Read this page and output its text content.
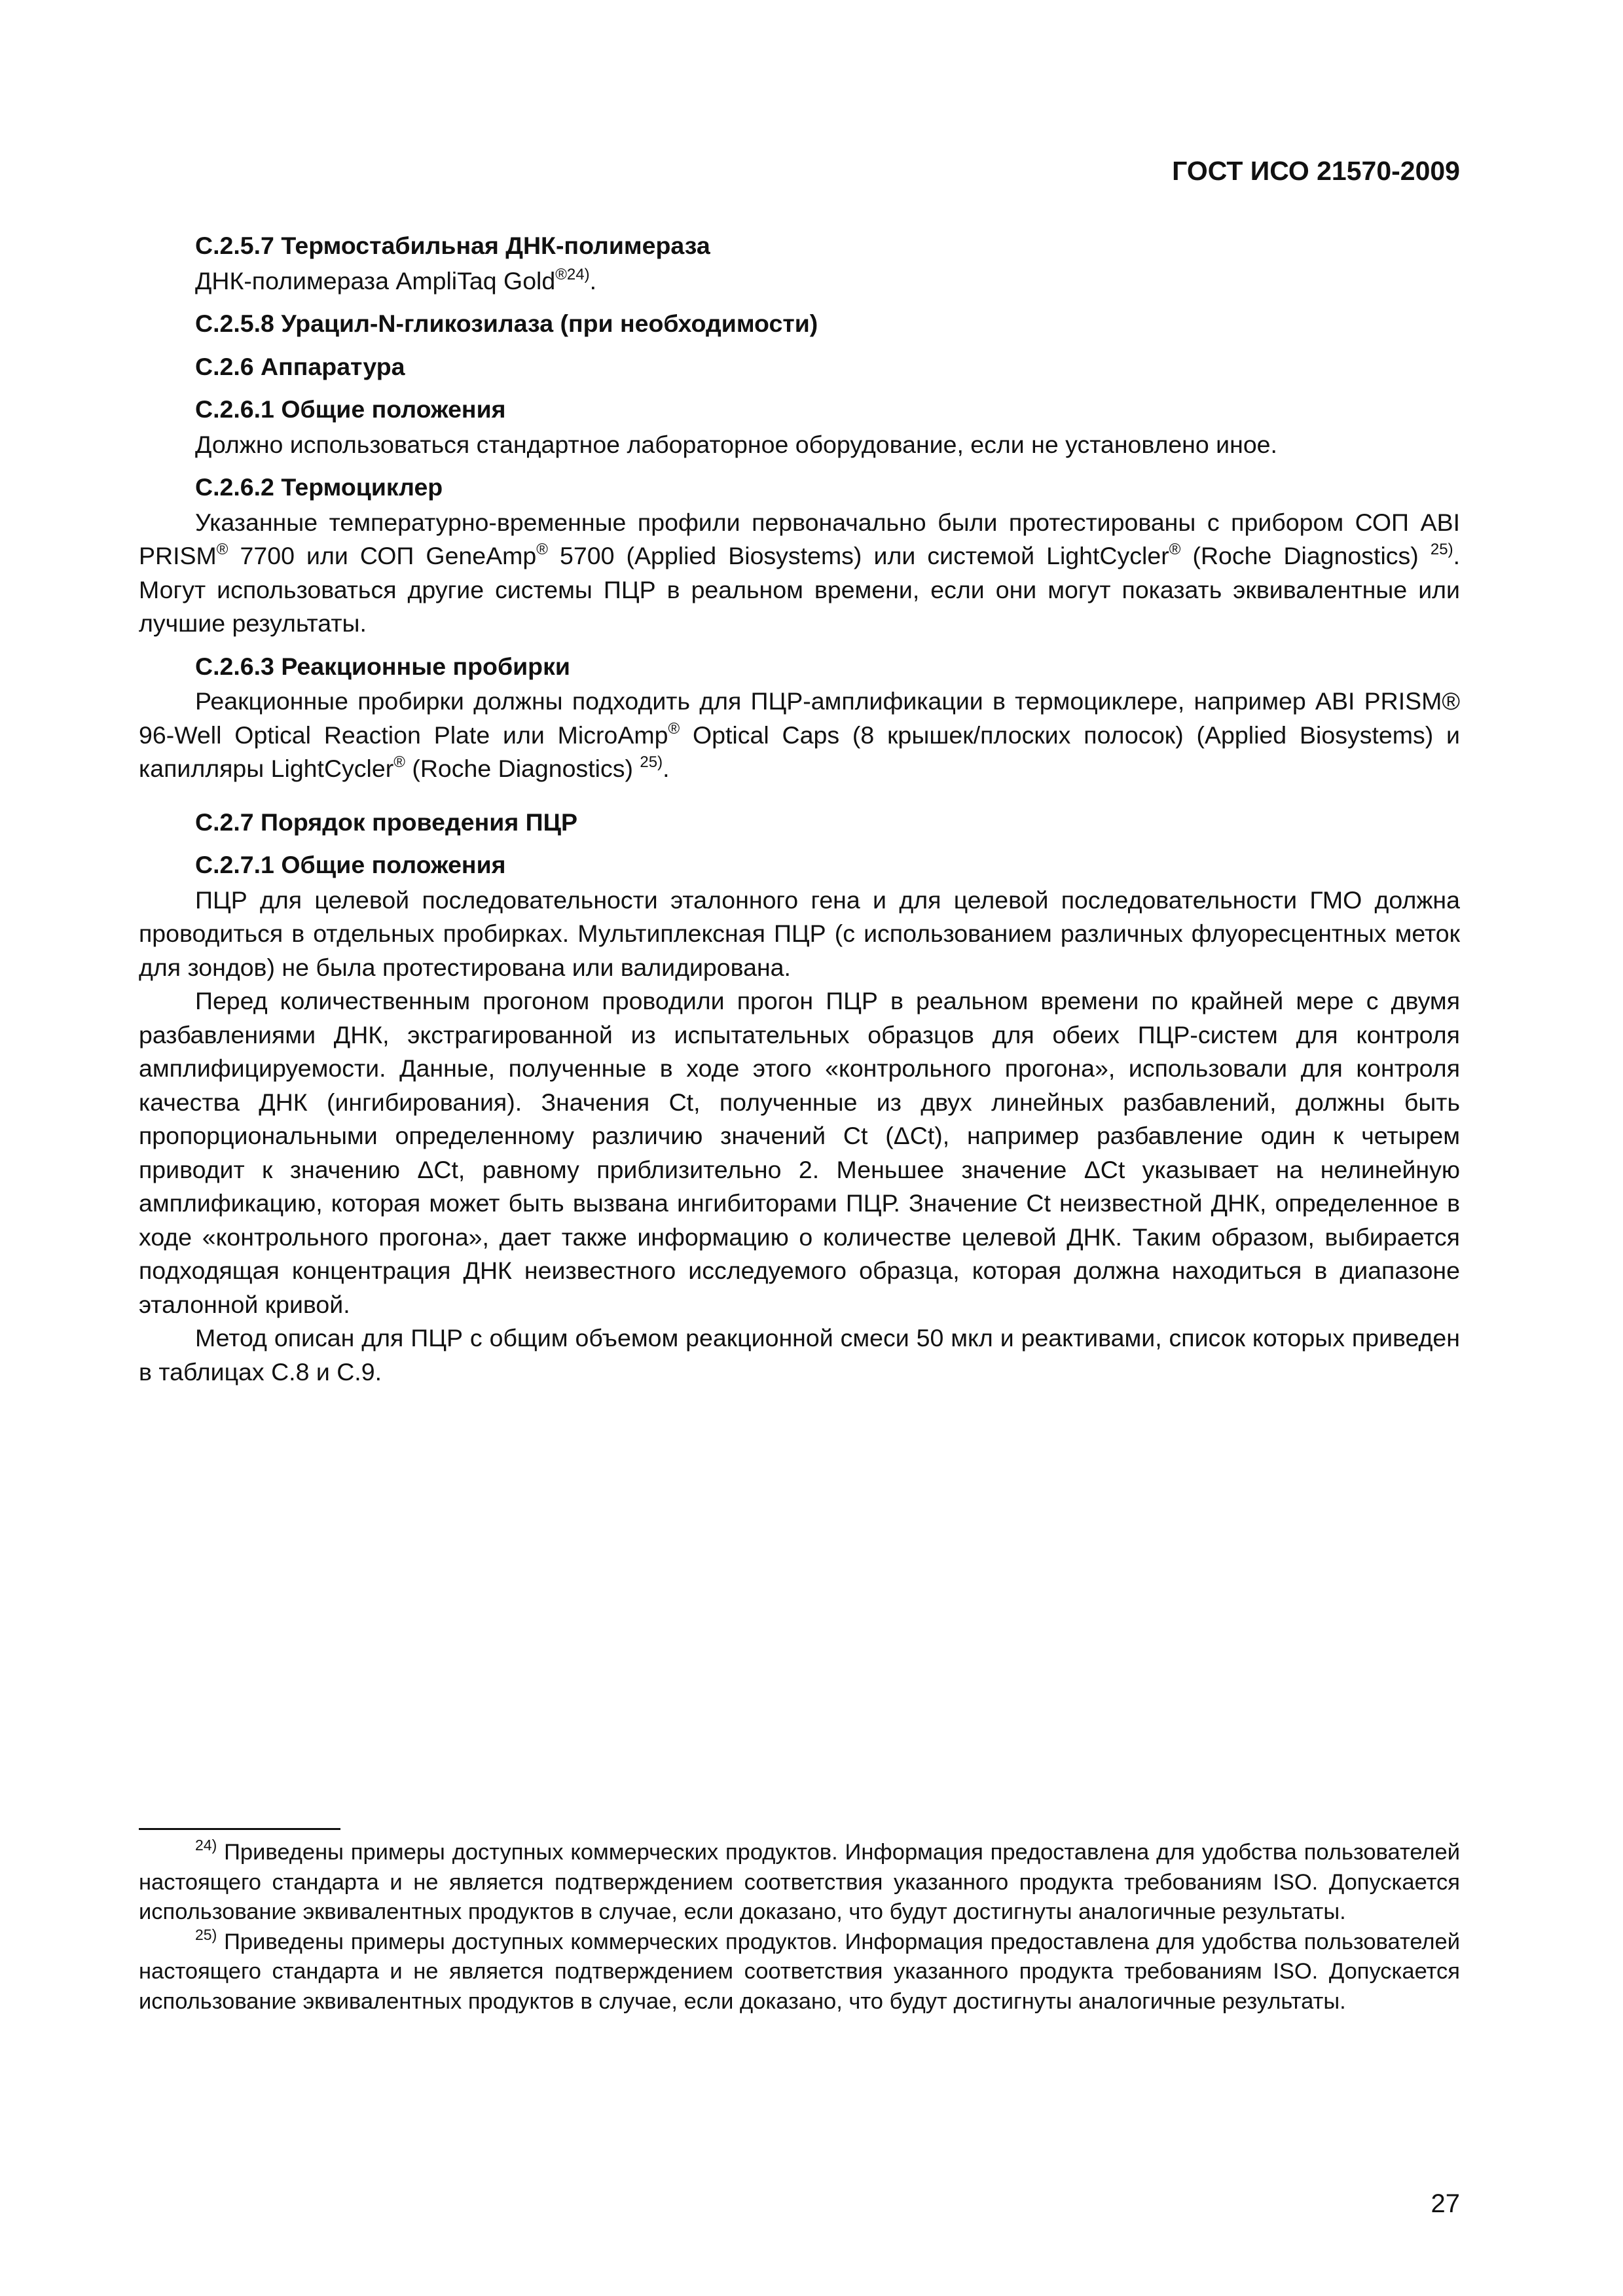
ГОСТ ИСО 21570-2009

С.2.5.7 Термостабильная ДНК-полимераза

ДНК-полимераза AmpliTaq Gold$^{®24)}$.

С.2.5.8 Урацил-N-гликозилаза (при необходимости)

С.2.6 Аппаратура

С.2.6.1 Общие положения

Должно использоваться стандартное лабораторное оборудование, если не установлено иное.

С.2.6.2 Термоциклер

Указанные температурно-временные профили первоначально были протестированы с прибором СОП ABI PRISM® 7700 или СОП GeneAmp® 5700 (Applied Biosystems) или системой LightCycler® (Roche Diagnostics) $^{25)}$. Могут использоваться другие системы ПЦР в реальном времени, если они могут показать эквивалентные или лучшие результаты.

С.2.6.3 Реакционные пробирки

Реакционные пробирки должны подходить для ПЦР-амплификации в термоциклере, например ABI PRISM® 96-Well Optical Reaction Plate или MicroAmp® Optical Caps (8 крышек/плоских полосок) (Applied Biosystems) и капилляры LightCycler® (Roche Diagnostics) $^{25)}$.

С.2.7 Порядок проведения ПЦР

С.2.7.1 Общие положения

ПЦР для целевой последовательности эталонного гена и для целевой последовательности ГМО должна проводиться в отдельных пробирках. Мультиплексная ПЦР (с использованием различных флуоресцентных меток для зондов) не была протестирована или валидирована.

Перед количественным прогоном проводили прогон ПЦР в реальном времени по крайней мере с двумя разбавлениями ДНК, экстрагированной из испытательных образцов для обеих ПЦР-систем для контроля амплифицируемости. Данные, полученные в ходе этого «контрольного прогона», использовали для контроля качества ДНК (ингибирования). Значения Ct, полученные из двух линейных разбавлений, должны быть пропорциональными определенному различию значений Ct (ΔCt), например разбавление один к четырем приводит к значению ΔCt, равному приблизительно 2. Меньшее значение ΔCt указывает на нелинейную амплификацию, которая может быть вызвана ингибиторами ПЦР. Значение Ct неизвестной ДНК, определенное в ходе «контрольного прогона», дает также информацию о количестве целевой ДНК. Таким образом, выбирается подходящая концентрация ДНК неизвестного исследуемого образца, которая должна находиться в диапазоне эталонной кривой.

Метод описан для ПЦР с общим объемом реакционной смеси 50 мкл и реактивами, список которых приведен в таблицах С.8 и С.9.

$^{24)}$ Приведены примеры доступных коммерческих продуктов. Информация предоставлена для удобства пользователей настоящего стандарта и не является подтверждением соответствия указанного продукта требованиям ISO. Допускается использование эквивалентных продуктов в случае, если доказано, что будут достигнуты аналогичные результаты.

$^{25)}$ Приведены примеры доступных коммерческих продуктов. Информация предоставлена для удобства пользователей настоящего стандарта и не является подтверждением соответствия указанного продукта требованиям ISO. Допускается использование эквивалентных продуктов в случае, если доказано, что будут достигнуты аналогичные результаты.

27
